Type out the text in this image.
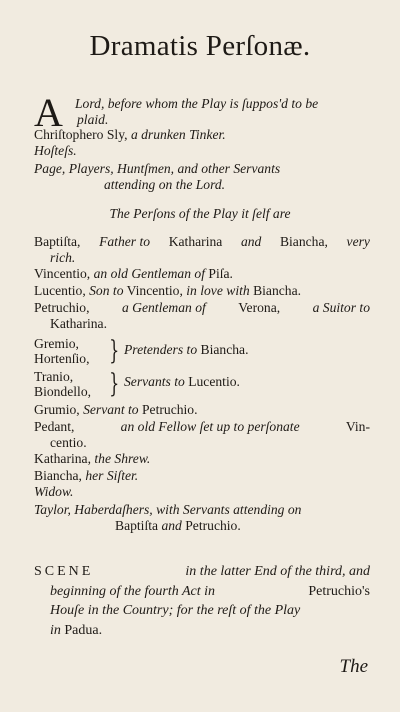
Dramatis Perſonæ.
A Lord, before whom the Play is ſuppos'd to be
plaid.
Chriſtophero Sly, a drunken Tinker.
Hoſteſs.
Page, Players, Huntſmen, and other Servants
attending on the Lord.
The Perſons of the Play it ſelf are
Baptiſta, Father to Katharina and Biancha, very
rich.
Vincentio, an old Gentleman of Piſa.
Lucentio, Son to Vincentio, in love with Biancha.
Petruchio, a Gentleman of Verona, a Suitor to
Katharina.
Gremio,
Hortenſio, } Pretenders to Biancha.
Tranio,
Biondello, } Servants to Lucentio.
Grumio, Servant to Petruchio.
Pedant,	an old Fellow ſet up to perſonate	Vin-
centio.
Katharina, the Shrew.
Biancha, her Siſter.
Widow.
Taylor, Haberdaſhers, with Servants attending on
Baptiſta and Petruchio.
SCENE	in the latter End of the third, and
beginning of the fourth Act in	Petruchio's
Houſe in the Country; for the reſt of the Play
in Padua.
The
